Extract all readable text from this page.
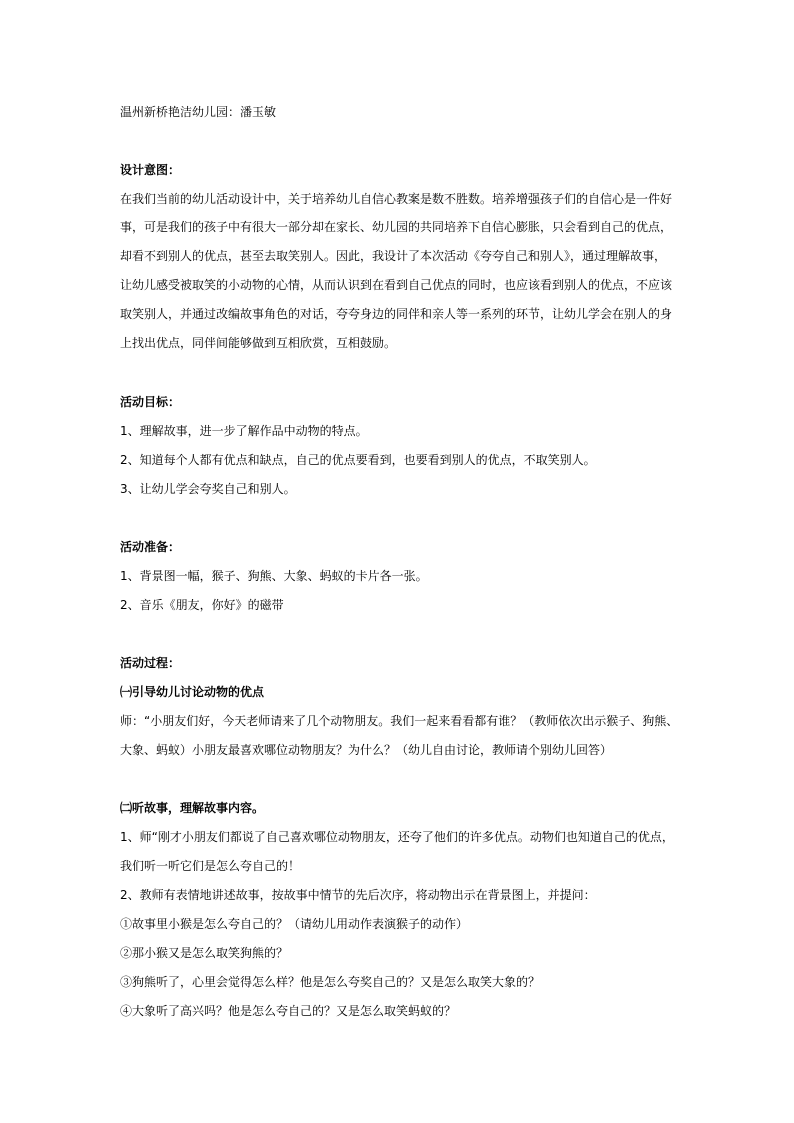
温州新桥艳洁幼儿园：潘玉敏
设计意图：
在我们当前的幼儿活动设计中，关于培养幼儿自信心教案是数不胜数。培养增强孩子们的自信心是一件好
事，可是我们的孩子中有很大一部分却在家长、幼儿园的共同培养下自信心膨胀，只会看到自己的优点，
却看不到别人的优点，甚至去取笑别人。因此，我设计了本次活动《夸夸自己和别人》，通过理解故事，
让幼儿感受被取笑的小动物的心情，从而认识到在看到自己优点的同时，也应该看到别人的优点，不应该
取笑别人，并通过改编故事角色的对话，夸夸身边的同伴和亲人等一系列的环节，让幼儿学会在别人的身
上找出优点，同伴间能够做到互相欣赏，互相鼓励。
活动目标：
1、理解故事，进一步了解作品中动物的特点。
2、知道每个人都有优点和缺点，自己的优点要看到，也要看到别人的优点，不取笑别人。
3、让幼儿学会夸奖自己和别人。
活动准备：
1、背景图一幅，猴子、狗熊、大象、蚂蚁的卡片各一张。
2、音乐《朋友，你好》的磁带
活动过程：
㈠引导幼儿讨论动物的优点
师：“小朋友们好，今天老师请来了几个动物朋友。我们一起来看看都有谁？（教师依次出示猴子、狗熊、
大象、蚂蚁）小朋友最喜欢哪位动物朋友？为什么？（幼儿自由讨论，教师请个别幼儿回答）
㈡听故事，理解故事内容。
1、师“刚才小朋友们都说了自己喜欢哪位动物朋友，还夸了他们的许多优点。动物们也知道自己的优点，
我们听一听它们是怎么夸自己的！
2、教师有表情地讲述故事，按故事中情节的先后次序，将动物出示在背景图上，并提问：
①故事里小猴是怎么夸自己的？（请幼儿用动作表演猴子的动作）
②那小猴又是怎么取笑狗熊的？
③狗熊听了，心里会觉得怎么样？他是怎么夸奖自己的？又是怎么取笑大象的？
④大象听了高兴吗？他是怎么夸自己的？又是怎么取笑蚂蚁的？
